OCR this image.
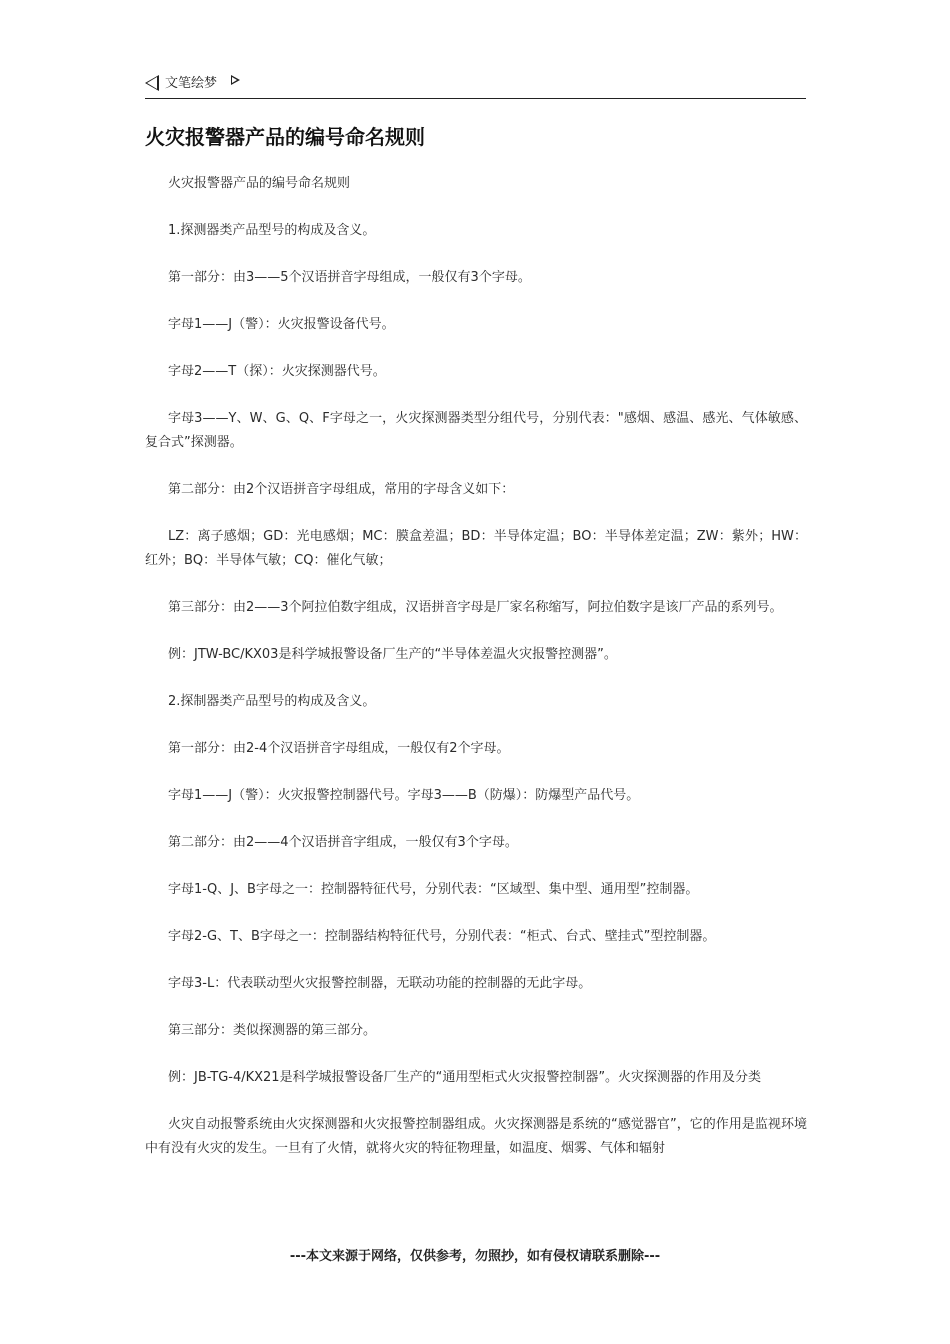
文笔绘梦
火灾报警器产品的编号命名规则

火灾报警器产品的编号命名规则

1.探测器类产品型号的构成及含义。

第一部分：由3——5个汉语拼音字母组成，一般仅有3个字母。

字母1——J（警）：火灾报警设备代号。

字母2——T（探）：火灾探测器代号。

字母3——Y、W、G、Q、F字母之一，火灾探测器类型分组代号，分别代表："感烟、感温、感光、气体敏感、复合式”探测器。

第二部分：由2个汉语拼音字母组成，常用的字母含义如下：

LZ：离子感烟；GD：光电感烟；MC：膜盒差温；BD：半导体定温；BO：半导体差定温；ZW：紫外；HW：红外；BQ：半导体气敏；CQ：催化气敏；

第三部分：由2——3个阿拉伯数字组成，汉语拼音字母是厂家名称缩写，阿拉伯数字是该厂产品的系列号。

例：JTW-BC/KX03是科学城报警设备厂生产的“半导体差温火灾报警控测器”。

2.探制器类产品型号的构成及含义。

第一部分：由2-4个汉语拼音字母组成，一般仅有2个字母。

字母1——J（警）：火灾报警控制器代号。字母3——B（防爆）：防爆型产品代号。

第二部分：由2——4个汉语拼音字组成，一般仅有3个字母。

字母1-Q、J、B字母之一：控制器特征代号，分别代表：“区域型、集中型、通用型”控制器。

字母2-G、T、B字母之一：控制器结构特征代号，分别代表：“柜式、台式、壁挂式”型控制器。

字母3-L：代表联动型火灾报警控制器，无联动功能的控制器的无此字母。

第三部分：类似探测器的第三部分。

例：JB-TG-4/KX21是科学城报警设备厂生产的“通用型柜式火灾报警控制器”。火灾探测器的作用及分类

火灾自动报警系统由火灾探测器和火灾报警控制器组成。火灾探测器是系统的“感觉器官”，它的作用是监视环境中有没有火灾的发生。一旦有了火情，就将火灾的特征物理量，如温度、烟雾、气体和辐射

---本文来源于网络，仅供参考，勿照抄，如有侵权请联系删除---
